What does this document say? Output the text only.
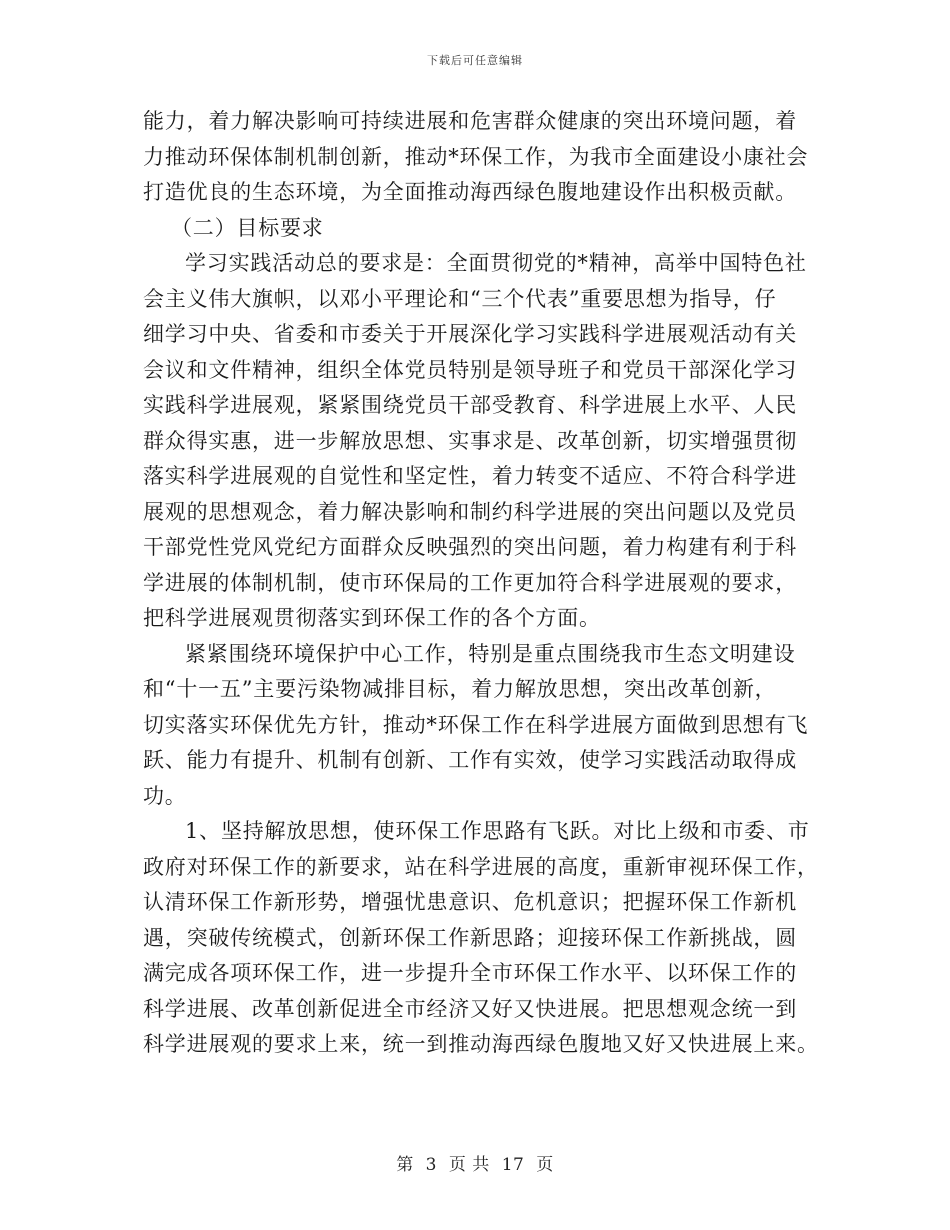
下载后可任意编辑
能力，着力解决影响可持续进展和危害群众健康的突出环境问题，着
力推动环保体制机制创新，推动*环保工作，为我市全面建设小康社会
打造优良的生态环境，为全面推动海西绿色腹地建设作出积极贡献。
（二）目标要求
学习实践活动总的要求是：全面贯彻党的*精神，高举中国特色社
会主义伟大旗帜，以邓小平理论和“三个代表”重要思想为指导，仔
细学习中央、省委和市委关于开展深化学习实践科学进展观活动有关
会议和文件精神，组织全体党员特别是领导班子和党员干部深化学习
实践科学进展观，紧紧围绕党员干部受教育、科学进展上水平、人民
群众得实惠，进一步解放思想、实事求是、改革创新，切实增强贯彻
落实科学进展观的自觉性和坚定性，着力转变不适应、不符合科学进
展观的思想观念，着力解决影响和制约科学进展的突出问题以及党员
干部党性党风党纪方面群众反映强烈的突出问题，着力构建有利于科
学进展的体制机制，使市环保局的工作更加符合科学进展观的要求，
把科学进展观贯彻落实到环保工作的各个方面。
紧紧围绕环境保护中心工作，特别是重点围绕我市生态文明建设
和“十一五”主要污染物减排目标，着力解放思想，突出改革创新，
切实落实环保优先方针，推动*环保工作在科学进展方面做到思想有飞
跃、能力有提升、机制有创新、工作有实效，使学习实践活动取得成
功。
1、坚持解放思想，使环保工作思路有飞跃。对比上级和市委、市
政府对环保工作的新要求，站在科学进展的高度，重新审视环保工作，
认清环保工作新形势，增强忧患意识、危机意识；把握环保工作新机
遇，突破传统模式，创新环保工作新思路；迎接环保工作新挑战，圆
满完成各项环保工作，进一步提升全市环保工作水平、以环保工作的
科学进展、改革创新促进全市经济又好又快进展。把思想观念统一到
科学进展观的要求上来，统一到推动海西绿色腹地又好又快进展上来。
第 3 页 共 17 页
